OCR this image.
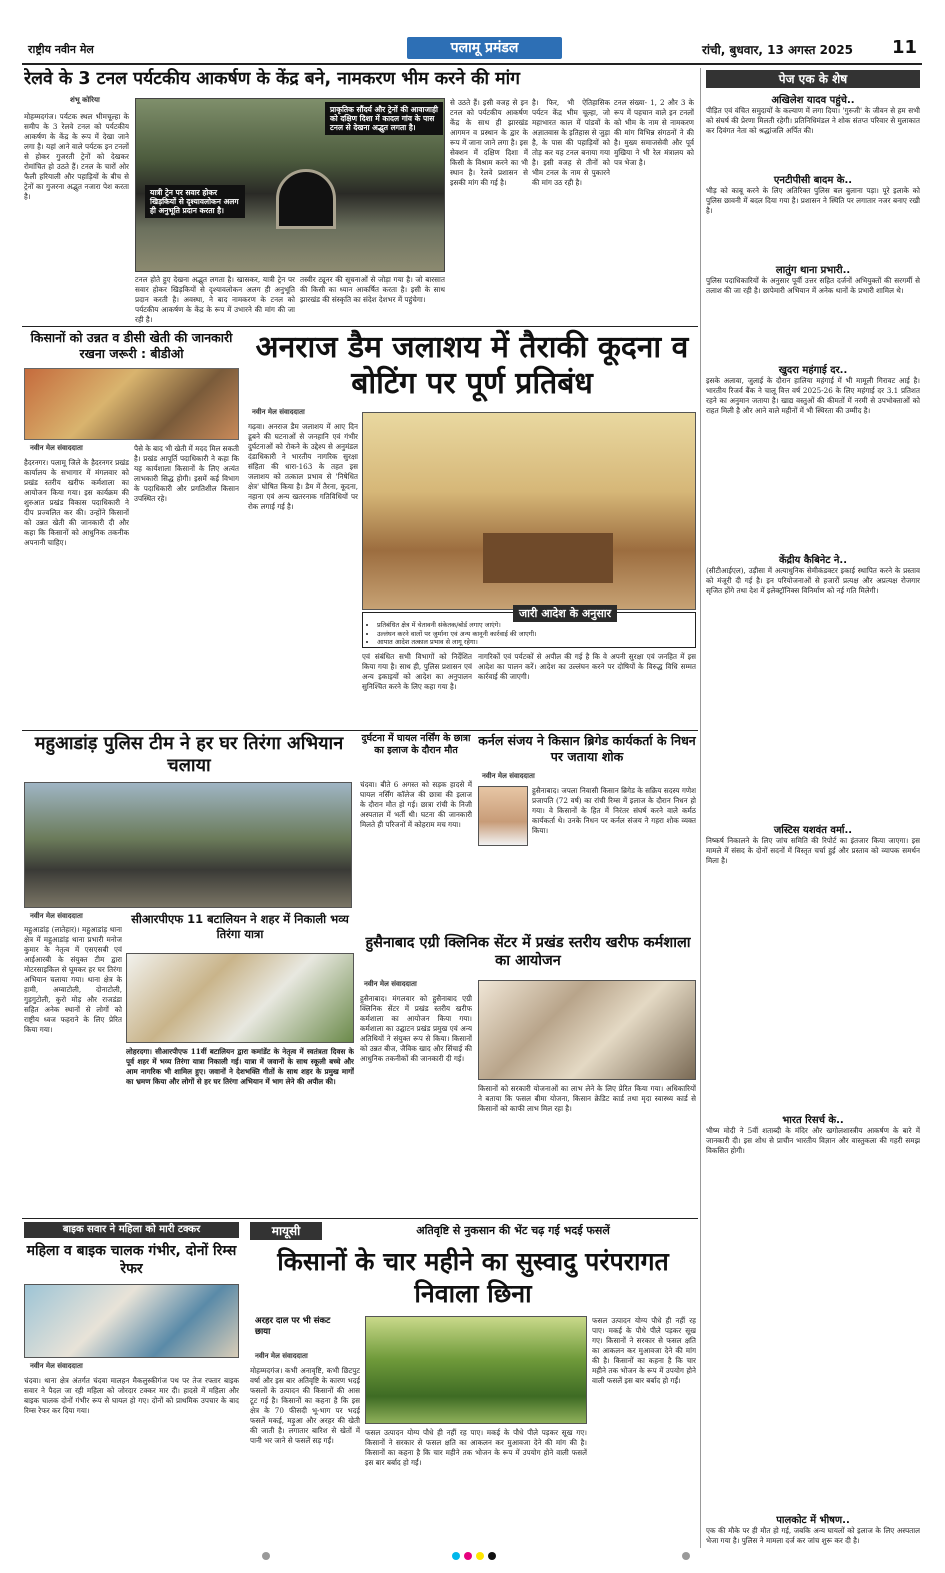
राष्ट्रीय नवीन मेल	पलामू प्रमंडल	रांची, बुधवार, 13 अगस्त 2025 11
रेलवे के 3 टनल पर्यटकीय आकर्षण के केंद्र बने, नामकरण भीम करने की मांग
शंभू कोरिया
प्राकृतिक सौंदर्य और ट्रेनों की आवाजाही को दक्षिण दिशा में कादल गांव के पास टनल से देखना अद्भुत लगता है।
यात्री ट्रेन पर सवार होकर खिड़कियों से दृश्यावलोकन अलग ही अनुभूति प्रदान करता है।
मोहम्मदगंज। पर्यटक स्थल भीमचूल्हा के समीप के 3 रेलवे टनल को पर्यटकीय आकर्षण के केंद्र के रूप में देखा जाने लगा है। यहां आने वाले पर्यटक इन टनलों से होकर गुजरती ट्रेनों को देखकर रोमांचित हो उठते हैं। टनल के चारों ओर फैली हरियाली और पहाड़ियों के बीच से ट्रेनों का गुजरना अद्भुत नजारा पेश करता है।
टनल होते हुए देखना अद्भुत लगता है। खासकर, यात्री ट्रेन पर सवार होकर खिड़कियों से दृश्यावलोकन अलग ही अनुभूति प्रदान करती है। अवस्था, ने बाद नामकरण के टनल को पर्यटकीय आकर्षण के केंद्र के रूप में उभारने की मांग की जा रही है।
तस्वीर ट्यूनर की सूचनाओं से जोड़ा गया है। जो बारसात की किसी का ध्यान आकर्षित करता है। इसी के साथ झारखंड की संस्कृति का संदेश देशभर में पहुंचेगा।
से उठते हैं। इसी वजह से इन टनल को पर्यटकीय आकर्षण केंद्र के साथ ही झारखंड आगमन व प्रस्थान के द्वार के रूप में जाना जाने लगा है। इस सेक्शन में दक्षिण दिशा में किसी के विश्राम करने का भी स्थान है। रेलवे प्रशासन से इसकी मांग की गई है।
है। फिर, भी ऐतिहासिक पर्यटन केंद्र भीम चूल्हा, जो महाभारत काल में पांडवों के अज्ञातवास के इतिहास से जुड़ा है, के पास की पहाड़ियों को तोड़ कर यह टनल बनाया गया है। इसी वजह से तीनों को भीम टनल के नाम से पुकारने की मांग उठ रही है।
टनल संख्या- 1, 2 और 3 के रूप में पहचान वाले इन टनलों को भीम के नाम से नामकरण की मांग विभिन्न संगठनों ने की है। मुख्य समाजसेवी और पूर्व मुखिया ने भी रेल मंत्रालय को पत्र भेजा है।
पेज एक के शेष
अखिलेश यादव पहुंचे..
पीड़ित एवं वंचित समुदायों के कल्याण में लगा दिया। 'गुरुजी' के जीवन से हम सभी को संघर्ष की प्रेरणा मिलती रहेगी। प्रतिनिधिमंडल ने शोक संतप्त परिवार से मुलाकात कर दिवंगत नेता को श्रद्धांजलि अर्पित की।
एनटीपीसी बादम के..
भीड़ को काबू करने के लिए अतिरिक्त पुलिस बल बुलाना पड़ा। पूरे इलाके को पुलिस छावनी में बदल दिया गया है। प्रशासन ने स्थिति पर लगातार नजर बनाए रखी है।
लातुंग थाना प्रभारी..
पुलिस पदाधिकारियों के अनुसार पूर्वी उत्तर सहित दर्जनों अभियुक्तों की सरगर्मी से तलाश की जा रही है। छापेमारी अभियान में अनेक थानों के प्रभारी शामिल थे।
खुदरा महंगाई दर..
इसके अलावा, जुलाई के दौरान हालिया महंगाई में भी मामूली गिरावट आई है। भारतीय रिजर्व बैंक ने चालू वित्त वर्ष 2025-26 के लिए महंगाई दर 3.1 प्रतिशत रहने का अनुमान जताया है। खाद्य वस्तुओं की कीमतों में नरमी से उपभोक्ताओं को राहत मिली है और आने वाले महीनों में भी स्थिरता की उम्मीद है।
केंद्रीय कैबिनेट ने..
(सीटीआईएल), उड़ीसा में अत्याधुनिक सेमीकंडक्टर इकाई स्थापित करने के प्रस्ताव को मंजूरी दी गई है। इन परियोजनाओं से हजारों प्रत्यक्ष और अप्रत्यक्ष रोजगार सृजित होंगे तथा देश में इलेक्ट्रॉनिक्स विनिर्माण को नई गति मिलेगी।
जस्टिस यशवंत वर्मा..
निष्कर्ष निकालने के लिए जांच समिति की रिपोर्ट का इंतजार किया जाएगा। इस मामले में संसद के दोनों सदनों में विस्तृत चर्चा हुई और प्रस्ताव को व्यापक समर्थन मिला है।
भारत रिसर्च के..
भीष्म मोदी ने 5वीं शताब्दी के मंदिर और खगोलशास्त्रीय आकर्षण के बारे में जानकारी दी। इस शोध से प्राचीन भारतीय विज्ञान और वास्तुकला की गहरी समझ विकसित होगी।
पालकोट में भीषण..
एक की मौके पर ही मौत हो गई, जबकि अन्य घायलों को इलाज के लिए अस्पताल भेजा गया है। पुलिस ने मामला दर्ज कर जांच शुरू कर दी है।
किसानों को उन्नत व डीसी खेती की जानकारी रखना जरूरी : बीडीओ
नवीन मेल संवाददाता
हैदरनगर। पलामू जिले के हैदरनगर प्रखंड कार्यालय के सभागार में मंगलवार को प्रखंड स्तरीय खरीफ कर्मशाला का आयोजन किया गया। इस कार्यक्रम की शुरुआत प्रखंड विकास पदाधिकारी ने दीप प्रज्वलित कर की। उन्होंने किसानों को उन्नत खेती की जानकारी दी और कहा कि किसानों को आधुनिक तकनीक अपनानी चाहिए।
पैसे के बाद भी खेती में मदद मिल सकती है। प्रखंड आपूर्ति पदाधिकारी ने कहा कि यह कार्यशाला किसानों के लिए अत्यंत लाभकारी सिद्ध होगी। इसमें कई विभाग के पदाधिकारी और प्रगतिशील किसान उपस्थित रहे।
अनराज डैम जलाशय में तैराकी कूदना व बोटिंग पर पूर्ण प्रतिबंध
नवीन मेल संवाददाता
गढ़वा। अनराज डैम जलाशय में आए दिन डूबने की घटनाओं से जनहानि एवं गंभीर दुर्घटनाओं को रोकने के उद्देश्य से अनुमंडल दंडाधिकारी ने भारतीय नागरिक सुरक्षा संहिता की धारा-163 के तहत इस जलाशय को तत्काल प्रभाव से 'निषेधित क्षेत्र' घोषित किया है। डैम में तैरना, कूदना, नहाना एवं अन्य खतरनाक गतिविधियों पर रोक लगाई गई है।
जारी आदेश के अनुसार
• प्रतिबंधित क्षेत्र में चेतावनी संकेतक/बोर्ड लगाए जाएंगे।
• उल्लंघन करने वालों पर जुर्माना एवं अन्य कानूनी कार्रवाई की जाएगी।
• आपात आदेश तत्काल प्रभाव से लागू रहेगा।
एवं संबंधित सभी विभागों को निर्देशित किया गया है। साथ ही, पुलिस प्रशासन एवं अन्य इकाइयों को आदेश का अनुपालन सुनिश्चित करने के लिए कहा गया है।
नागरिकों एवं पर्यटकों से अपील की गई है कि वे अपनी सुरक्षा एवं जनहित में इस आदेश का पालन करें। आदेश का उल्लंघन करने पर दोषियों के विरुद्ध विधि सम्मत कार्रवाई की जाएगी।
महुआडांड़ पुलिस टीम ने हर घर तिरंगा अभियान चलाया
नवीन मेल संवाददाता
महुआडांड़ (लातेहार)। महुआडांड़ थाना क्षेत्र में महुआडांड़ थाना प्रभारी मनोज कुमार के नेतृत्व में एसएसबी एवं आईआरबी के संयुक्त टीम द्वारा मोटरसाइकिल से घूमकर हर घर तिरंगा अभियान चलाया गया। थाना क्षेत्र के हामी, अम्वाटोली, दोनाटोली, गुड़गुटोली, कुरो मोड़ और राजडंडा सहित अनेक स्थानों से लोगों को राष्ट्रीय ध्वज फहराने के लिए प्रेरित किया गया।
सीआरपीएफ 11 बटालियन ने शहर में निकाली भव्य तिरंगा यात्रा
लोहरदगा। सीआरपीएफ 11वीं बटालियन द्वारा कमांडेंट के नेतृत्व में स्वतंत्रता दिवस के पूर्व शहर में भव्य तिरंगा यात्रा निकाली गई। यात्रा में जवानों के साथ स्कूली बच्चे और आम नागरिक भी शामिल हुए। जवानों ने देशभक्ति गीतों के साथ शहर के प्रमुख मार्गों का भ्रमण किया और लोगों से हर घर तिरंगा अभियान में भाग लेने की अपील की।
दुर्घटना में घायल नर्सिंग के छात्रा का इलाज के दौरान मौत
चंदवा। बीते 6 अगस्त को सड़क हादसे में घायल नर्सिंग कॉलेज की छात्रा की इलाज के दौरान मौत हो गई। छात्रा रांची के निजी अस्पताल में भर्ती थी। घटना की जानकारी मिलते ही परिजनों में कोहराम मच गया।
कर्नल संजय ने किसान ब्रिगेड कार्यकर्ता के निधन पर जताया शोक
नवीन मेल संवाददाता
हुसैनाबाद। जपला निवासी किसान ब्रिगेड के सक्रिय सदस्य गणेश प्रजापति (72 वर्ष) का रांची रिम्स में इलाज के दौरान निधन हो गया। वे किसानों के हित में निरंतर संघर्ष करने वाले कर्मठ कार्यकर्ता थे। उनके निधन पर कर्नल संजय ने गहरा शोक व्यक्त किया।
हुसैनाबाद एग्री क्लिनिक सेंटर में प्रखंड स्तरीय खरीफ कर्मशाला का आयोजन
नवीन मेल संवाददाता
हुसैनाबाद। मंगलवार को हुसैनाबाद एग्री क्लिनिक सेंटर में प्रखंड स्तरीय खरीफ कर्मशाला का आयोजन किया गया। कर्मशाला का उद्घाटन प्रखंड प्रमुख एवं अन्य अतिथियों ने संयुक्त रूप से किया। किसानों को उन्नत बीज, जैविक खाद और सिंचाई की आधुनिक तकनीकों की जानकारी दी गई।
किसानों को सरकारी योजनाओं का लाभ लेने के लिए प्रेरित किया गया। अधिकारियों ने बताया कि फसल बीमा योजना, किसान क्रेडिट कार्ड तथा मृदा स्वास्थ्य कार्ड से किसानों को काफी लाभ मिल रहा है।
बाइक सवार ने महिला को मारी टक्कर
महिला व बाइक चालक गंभीर, दोनों रिम्स रेफर
नवीन मेल संवाददाता
चंदवा। थाना क्षेत्र अंतर्गत चंदवा मालहन मैकलुस्कीगंज पथ पर तेज रफ्तार बाइक सवार ने पैदल जा रही महिला को जोरदार टक्कर मार दी। हादसे में महिला और बाइक चालक दोनों गंभीर रूप से घायल हो गए। दोनों को प्राथमिक उपचार के बाद रिम्स रेफर कर दिया गया।
मायूसी	अतिवृष्टि से नुकसान की भेंट चढ़ गई भदई फसलें
किसानों के चार महीने का सुस्वादु परंपरागत निवाला छिना
अरहर दाल पर भी संकट छाया
नवीन मेल संवाददाता
मोहम्मदगंज। कभी अनावृष्टि, कभी छिटपुट वर्षा और इस बार अतिवृष्टि के कारण भदई फसलों के उत्पादन की किसानों की आस टूट गई है। किसानों का कहना है कि इस क्षेत्र के 70 फीसदी भू-भाग पर भदई फसलें मकई, मड़ुआ और अरहर की खेती की जाती है। लगातार बारिश से खेतों में पानी भर जाने से फसलें सड़ गईं।
फसल उत्पादन योग्य पौधे ही नहीं रह पाए। मकई के पौधे पीले पड़कर सूख गए। किसानों ने सरकार से फसल क्षति का आकलन कर मुआवजा देने की मांग की है। किसानों का कहना है कि चार महीने तक भोजन के रूप में उपयोग होने वाली फसलें इस बार बर्बाद हो गईं।
फसल उत्पादन योग्य पौधे ही नहीं रह पाए। मकई के पौधे पीले पड़कर सूख गए। किसानों ने सरकार से फसल क्षति का आकलन कर मुआवजा देने की मांग की है। किसानों का कहना है कि चार महीने तक भोजन के रूप में उपयोग होने वाली फसलें इस बार बर्बाद हो गईं।
